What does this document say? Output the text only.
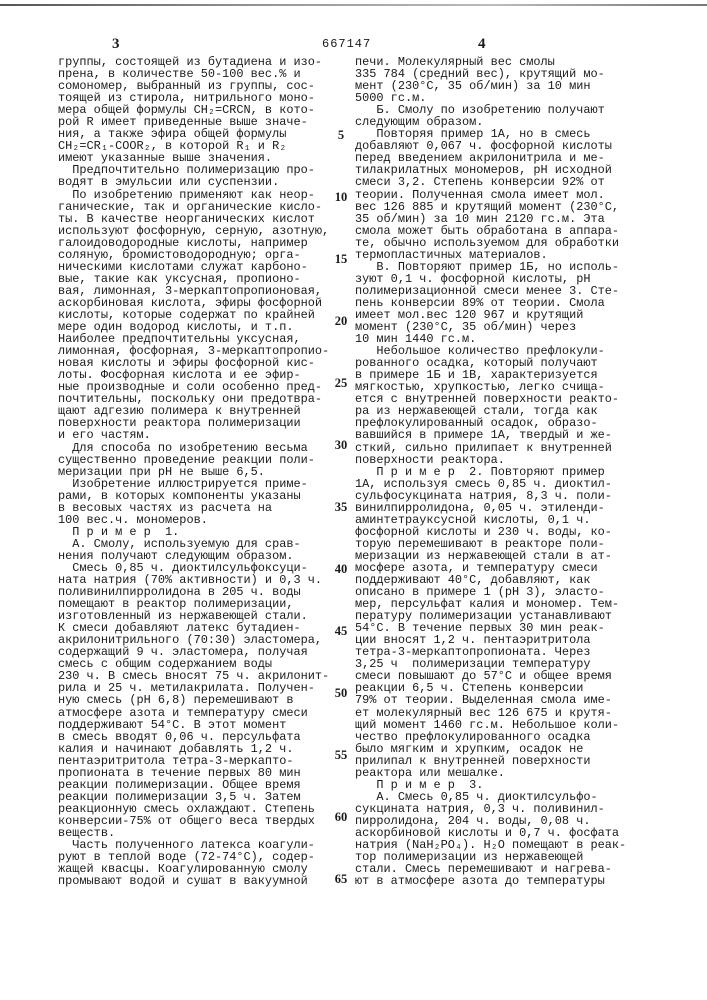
3	667147	4
группы, состоящей из бутадиена и изо-
прена, в количестве 50-100 вес.% и
сомономер, выбранный из группы, сос-
тоящей из стирола, нитрильного моно-
мера общей формулы CH₂=CRCN, в кото-
рой R имеет приведенные выше значе-
ния, а также эфира общей формулы
CH₂=CR₁-COOR₂, в которой R₁ и R₂
имеют указанные выше значения.
Предпочтительно полимеризацию про-
водят в эмульсии или суспензии.
По изобретению применяют как неор-
ганические, так и органические кисло-
ты. В качестве неорганических кислот
используют фосфорную, серную, азотную,
галоидоводородные кислоты, например
соляную, бромистоводородную; орга-
ническими кислотами служат карбоно-
вые, такие как уксусная, пропионо-
вая, лимонная, 3-меркаптопропионовая,
аскорбиновая кислота, эфиры фосфорной
кислоты, которые содержат по крайней
мере один водород кислоты, и т.п.
Наиболее предпочтительны уксусная,
лимонная, фосфорная, 3-меркаптопропио-
новая кислоты и эфиры фосфорной кис-
лоты. Фосфорная кислота и ее эфир-
ные производные и соли особенно пред-
почтительны, поскольку они предотвра-
щают адгезию полимера к внутренней
поверхности реактора полимеризации
и его частям.
Для способа по изобретению весьма
существенно проведение реакции поли-
меризации при pH не выше 6,5.
Изобретение иллюстрируется приме-
рами, в которых компоненты указаны
в весовых частях из расчета на
100 вес.ч. мономеров.
П р и м е р  1.
А. Смолу, используемую для срав-
нения получают следующим образом.
Смесь 0,85 ч. диоктилсульфоксуци-
ната натрия (70% активности) и 0,3 ч.
поливинилпирролидона в 205 ч. воды
помещают в реактор полимеризации,
изготовленный из нержавеющей стали.
К смеси добавляют латекс бутадиен-
акрилонитрильного (70:30) эластомера,
содержащий 9 ч. эластомера, получая
смесь с общим содержанием воды
230 ч. В смесь вносят 75 ч. акрилонит-
рила и 25 ч. метилакрилата. Получен-
ную смесь (pH 6,8) перемешивают в
атмосфере азота и температуру смеси
поддерживают 54°C. В этот момент
в смесь вводят 0,06 ч. персульфата
калия и начинают добавлять 1,2 ч.
пентаэритритола тетра-3-меркапто-
пропионата в течение первых 80 мин
реакции полимеризации. Общее время
реакции полимеризации 3,5 ч. Затем
реакционную смесь охлаждают. Степень
конверсии-75% от общего веса твердых
веществ.
Часть полученного латекса коагули-
руют в теплой воде (72-74°C), содер-
жащей квасцы. Коагулированную смолу
промывают водой и сушат в вакуумной
5
10
15
20
25
30
35
40
45
50
55
60
65
печи. Молекулярный вес смолы
335 784 (средний вес), крутящий мо-
мент (230°C, 35 об/мин) за 10 мин
5000 гс.м.
Б. Смолу по изобретению получают
следующим образом.
Повторяя пример 1А, но в смесь
добавляют 0,067 ч. фосфорной кислоты
перед введением акрилонитрила и ме-
тилакрилатных мономеров, pH исходной
смеси 3,2. Степень конверсии 92% от
теории. Полученная смола имеет мол.
вес 126 885 и крутящий момент (230°C,
35 об/мин) за 10 мин 2120 гс.м. Эта
смола может быть обработана в аппара-
те, обычно используемом для обработки
термопластичных материалов.
В. Повторяют пример 1Б, но исполь-
зуют 0,1 ч. фосфорной кислоты, pH
полимеризационной смеси менее 3. Сте-
пень конверсии 89% от теории. Смола
имеет мол.вес 120 967 и крутящий
момент (230°C, 35 об/мин) через
10 мин 1440 гс.м.
Небольшое количество префлокули-
рованного осадка, который получают
в примере 1Б и 1В, характеризуется
мягкостью, хрупкостью, легко счища-
ется с внутренней поверхности реакто-
ра из нержавеющей стали, тогда как
префлокулированный осадок, образо-
вавшийся в примере 1А, твердый и же-
сткий, сильно прилипает к внутренней
поверхности реактора.
П р и м е р  2. Повторяют пример
1А, используя смесь 0,85 ч. диоктил-
сульфосукцината натрия, 8,3 ч. поли-
винилпирролидона, 0,05 ч. этиленди-
аминтетрауксусной кислоты, 0,1 ч.
фосфорной кислоты и 230 ч. воды, ко-
торую перемешивают в реакторе поли-
меризации из нержавеющей стали в ат-
мосфере азота, и температуру смеси
поддерживают 40°C, добавляют, как
описано в примере 1 (pH 3), эласто-
мер, персульфат калия и мономер. Тем-
пературу полимеризации устанавливают
54°C. В течение первых 30 мин реак-
ции вносят 1,2 ч. пентаэритритола
тетра-3-меркаптопропионата. Через
3,25 ч  полимеризации температуру
смеси повышают до 57°C и общее время
реакции 6,5 ч. Степень конверсии
79% от теории. Выделенная смола име-
ет молекулярный вес 126 675 и крутя-
щий момент 1460 гс.м. Небольшое коли-
чество префлокулированного осадка
было мягким и хрупким, осадок не
прилипал к внутренней поверхности
реактора или мешалке.
П р и м е р  3.
А. Смесь 0,85 ч. диоктилсульфо-
сукцината натрия, 0,3 ч. поливинил-
пирролидона, 204 ч. воды, 0,08 ч.
аскорбиновой кислоты и 0,7 ч. фосфата
натрия (NaH₂PO₄). H₂O помещают в реак-
тор полимеризации из нержавеющей
стали. Смесь перемешивают и нагрева-
ют в атмосфере азота до температуры
